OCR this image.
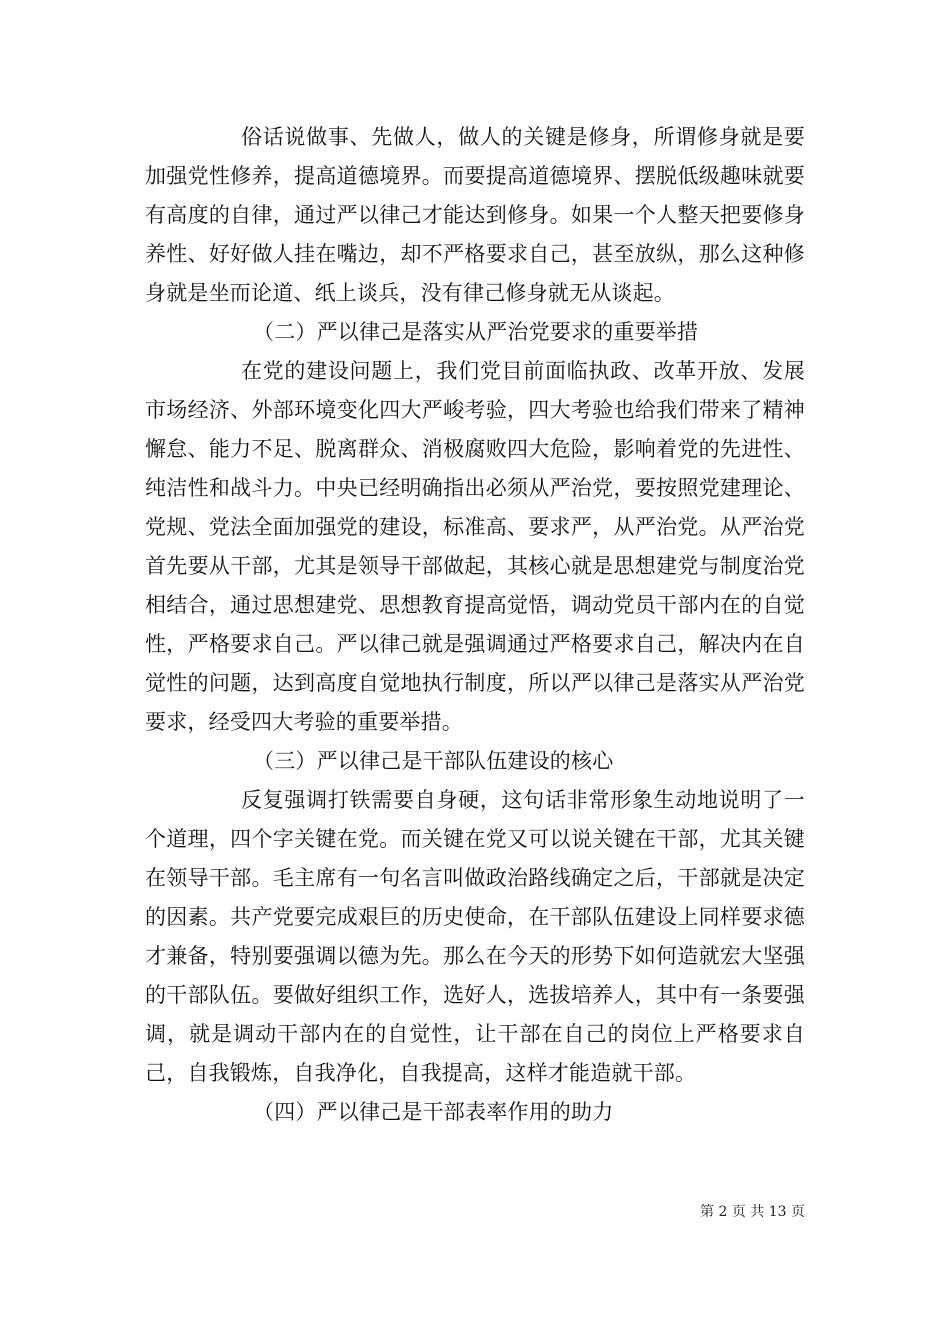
俗话说做事、先做人，做人的关键是修身，所谓修身就是要加强党性修养，提高道德境界。而要提高道德境界、摆脱低级趣味就要有高度的自律，通过严以律己才能达到修身。如果一个人整天把要修身养性、好好做人挂在嘴边，却不严格要求自己，甚至放纵，那么这种修身就是坐而论道、纸上谈兵，没有律己修身就无从谈起。

（二）严以律己是落实从严治党要求的重要举措

在党的建设问题上，我们党目前面临执政、改革开放、发展市场经济、外部环境变化四大严峻考验，四大考验也给我们带来了精神懈怠、能力不足、脱离群众、消极腐败四大危险，影响着党的先进性、纯洁性和战斗力。中央已经明确指出必须从严治党，要按照党建理论、党规、党法全面加强党的建设，标准高、要求严，从严治党。从严治党首先要从干部，尤其是领导干部做起，其核心就是思想建党与制度治党相结合，通过思想建党、思想教育提高觉悟，调动党员干部内在的自觉性，严格要求自己。严以律己就是强调通过严格要求自己，解决内在自觉性的问题，达到高度自觉地执行制度，所以严以律己是落实从严治党要求，经受四大考验的重要举措。

（三）严以律己是干部队伍建设的核心

反复强调打铁需要自身硬，这句话非常形象生动地说明了一个道理，四个字关键在党。而关键在党又可以说关键在干部，尤其关键在领导干部。毛主席有一句名言叫做政治路线确定之后，干部就是决定的因素。共产党要完成艰巨的历史使命，在干部队伍建设上同样要求德才兼备，特别要强调以德为先。那么在今天的形势下如何造就宏大坚强的干部队伍。要做好组织工作，选好人，选拔培养人，其中有一条要强调，就是调动干部内在的自觉性，让干部在自己的岗位上严格要求自己，自我锻炼，自我净化，自我提高，这样才能造就干部。

（四）严以律己是干部表率作用的助力

第 2 页 共 13 页
